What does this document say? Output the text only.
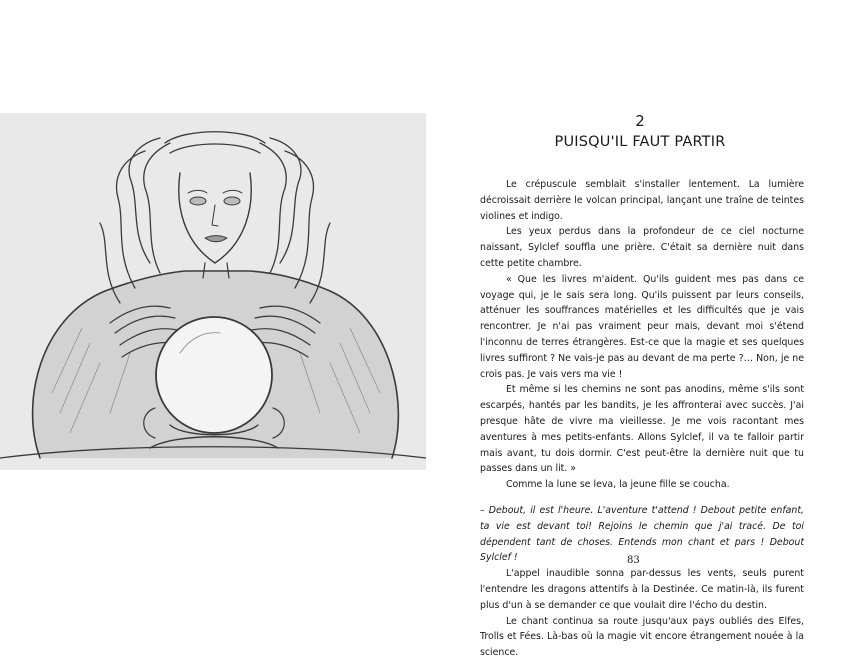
2
PUISQU'IL FAUT PARTIR

Le crépuscule semblait s'installer lentement. La lumière décroissait derrière le volcan principal, lançant une traîne de teintes violines et indigo.

Les yeux perdus dans la profondeur de ce ciel nocturne naissant, Sylclef souffla une prière. C'était sa dernière nuit dans cette petite chambre.

« Que les livres m'aident. Qu'ils guident mes pas dans ce voyage qui, je le sais sera long. Qu'ils puissent par leurs conseils, atténuer les souffrances matérielles et les difficultés que je vais rencontrer. Je n'ai pas vraiment peur mais, devant moi s'étend l'inconnu de terres étrangères. Est-ce que la magie et ses quelques livres suffiront ? Ne vais-je pas au devant de ma perte ?… Non, je ne crois pas. Je vais vers ma vie !

Et même si les chemins ne sont pas anodins, même s'ils sont escarpés, hantés par les bandits, je les affronterai avec succès. J'ai presque hâte de vivre ma vieillesse. Je me vois racontant mes aventures à mes petits-enfants. Allons Sylclef, il va te falloir partir mais avant, tu dois dormir. C'est peut-être la dernière nuit que tu passes dans un lit. »

Comme la lune se leva, la jeune fille se coucha.

– Debout, il est l'heure. L'aventure t'attend ! Debout petite enfant, ta vie est devant toi! Rejoins le chemin que j'ai tracé. De toi dépendent tant de choses. Entends mon chant et pars ! Debout Sylclef !

L'appel inaudible sonna par-dessus les vents, seuls purent l'entendre les dragons attentifs à la Destinée. Ce matin-là, ils furent plus d'un à se demander ce que voulait dire l'écho du destin.

Le chant continua sa route jusqu'aux pays oubliés des Elfes, Trolls et Fées. Là-bas où la magie vit encore étrangement nouée à la science.

83
